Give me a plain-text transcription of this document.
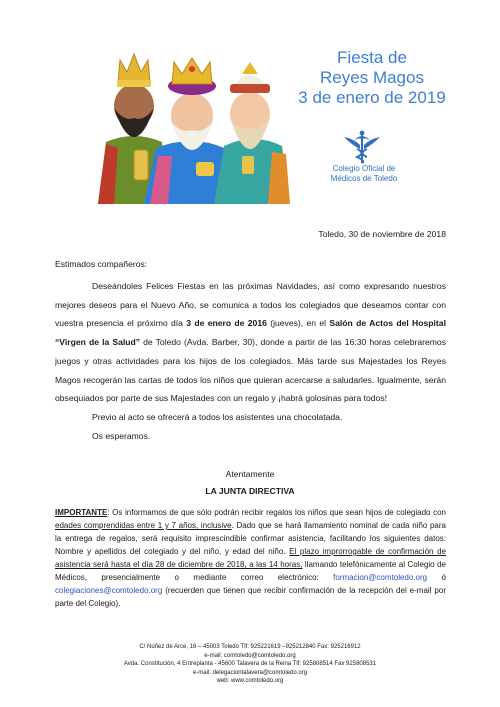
Fiesta de
Reyes Magos
3 de enero de 2019
Colegio Oficial de
Médicos de Toledo
Toledo, 30 de noviembre de 2018
Estimados compañeros:

Deseándoles Felices Fiestas en las próximas Navidades, así como expresando nuestros mejores deseos para el Nuevo Año, se comunica a todos los colegiados que deseamos contar con vuestra presencia el próximo día 3 de enero de 2016 (jueves), en el Salón de Actos del Hospital “Virgen de la Salud” de Toledo (Avda. Barber, 30), donde a partir de las 16:30 horas celebraremos juegos y otras actividades para los hijos de los colegiados. Más tarde sus Majestades los Reyes Magos recogerán las cartas de todos los niños que quieran acercarse a saludarles. Igualmente, serán obsequiados por parte de sus Majestades con un regalo y ¡habrá golosinas para todos!

Previo al acto se ofrecerá a todos los asistentes una chocolatada.

Os esperamos.

Atentamente
LA JUNTA DIRECTIVA
IMPORTANTE: Os informamos de que sólo podrán recibir regalos los niños que sean hijos de colegiado con edades comprendidas entre 1 y 7 años, inclusive. Dado que se hará llamamiento nominal de cada niño para la entrega de regalos, será requisito imprescindible confirmar asistencia, facilitando los siguientes datos: Nombre y apellidos del colegiado y del niño, y edad del niño. El plazo improrrogable de confirmación de asistencia será hasta el día 28 de diciembre de 2018, a las 14 horas, llamando telefónicamente al Colegio de Médicos, presencialmente o mediante correo electrónico: formacion@comtoledo.org ó colegiaciones@comtoledo.org (recuerden que tienen que recibir confirmación de la recepción del e-mail por parte del Colegio).
C/ Núñez de Arce, 16 – 45003 Toledo Tlf: 925221619 –925212840 Fax: 925216912
e-mail: comtoledo@comtoledo.org
Avda. Constitución, 4 Entreplanta - 45600 Talavera de la Reina Tlf: 925808514 Fax 925808531
e-mail: delegaciontalavera@comtoledo.org
web: www.comtoledo.org
